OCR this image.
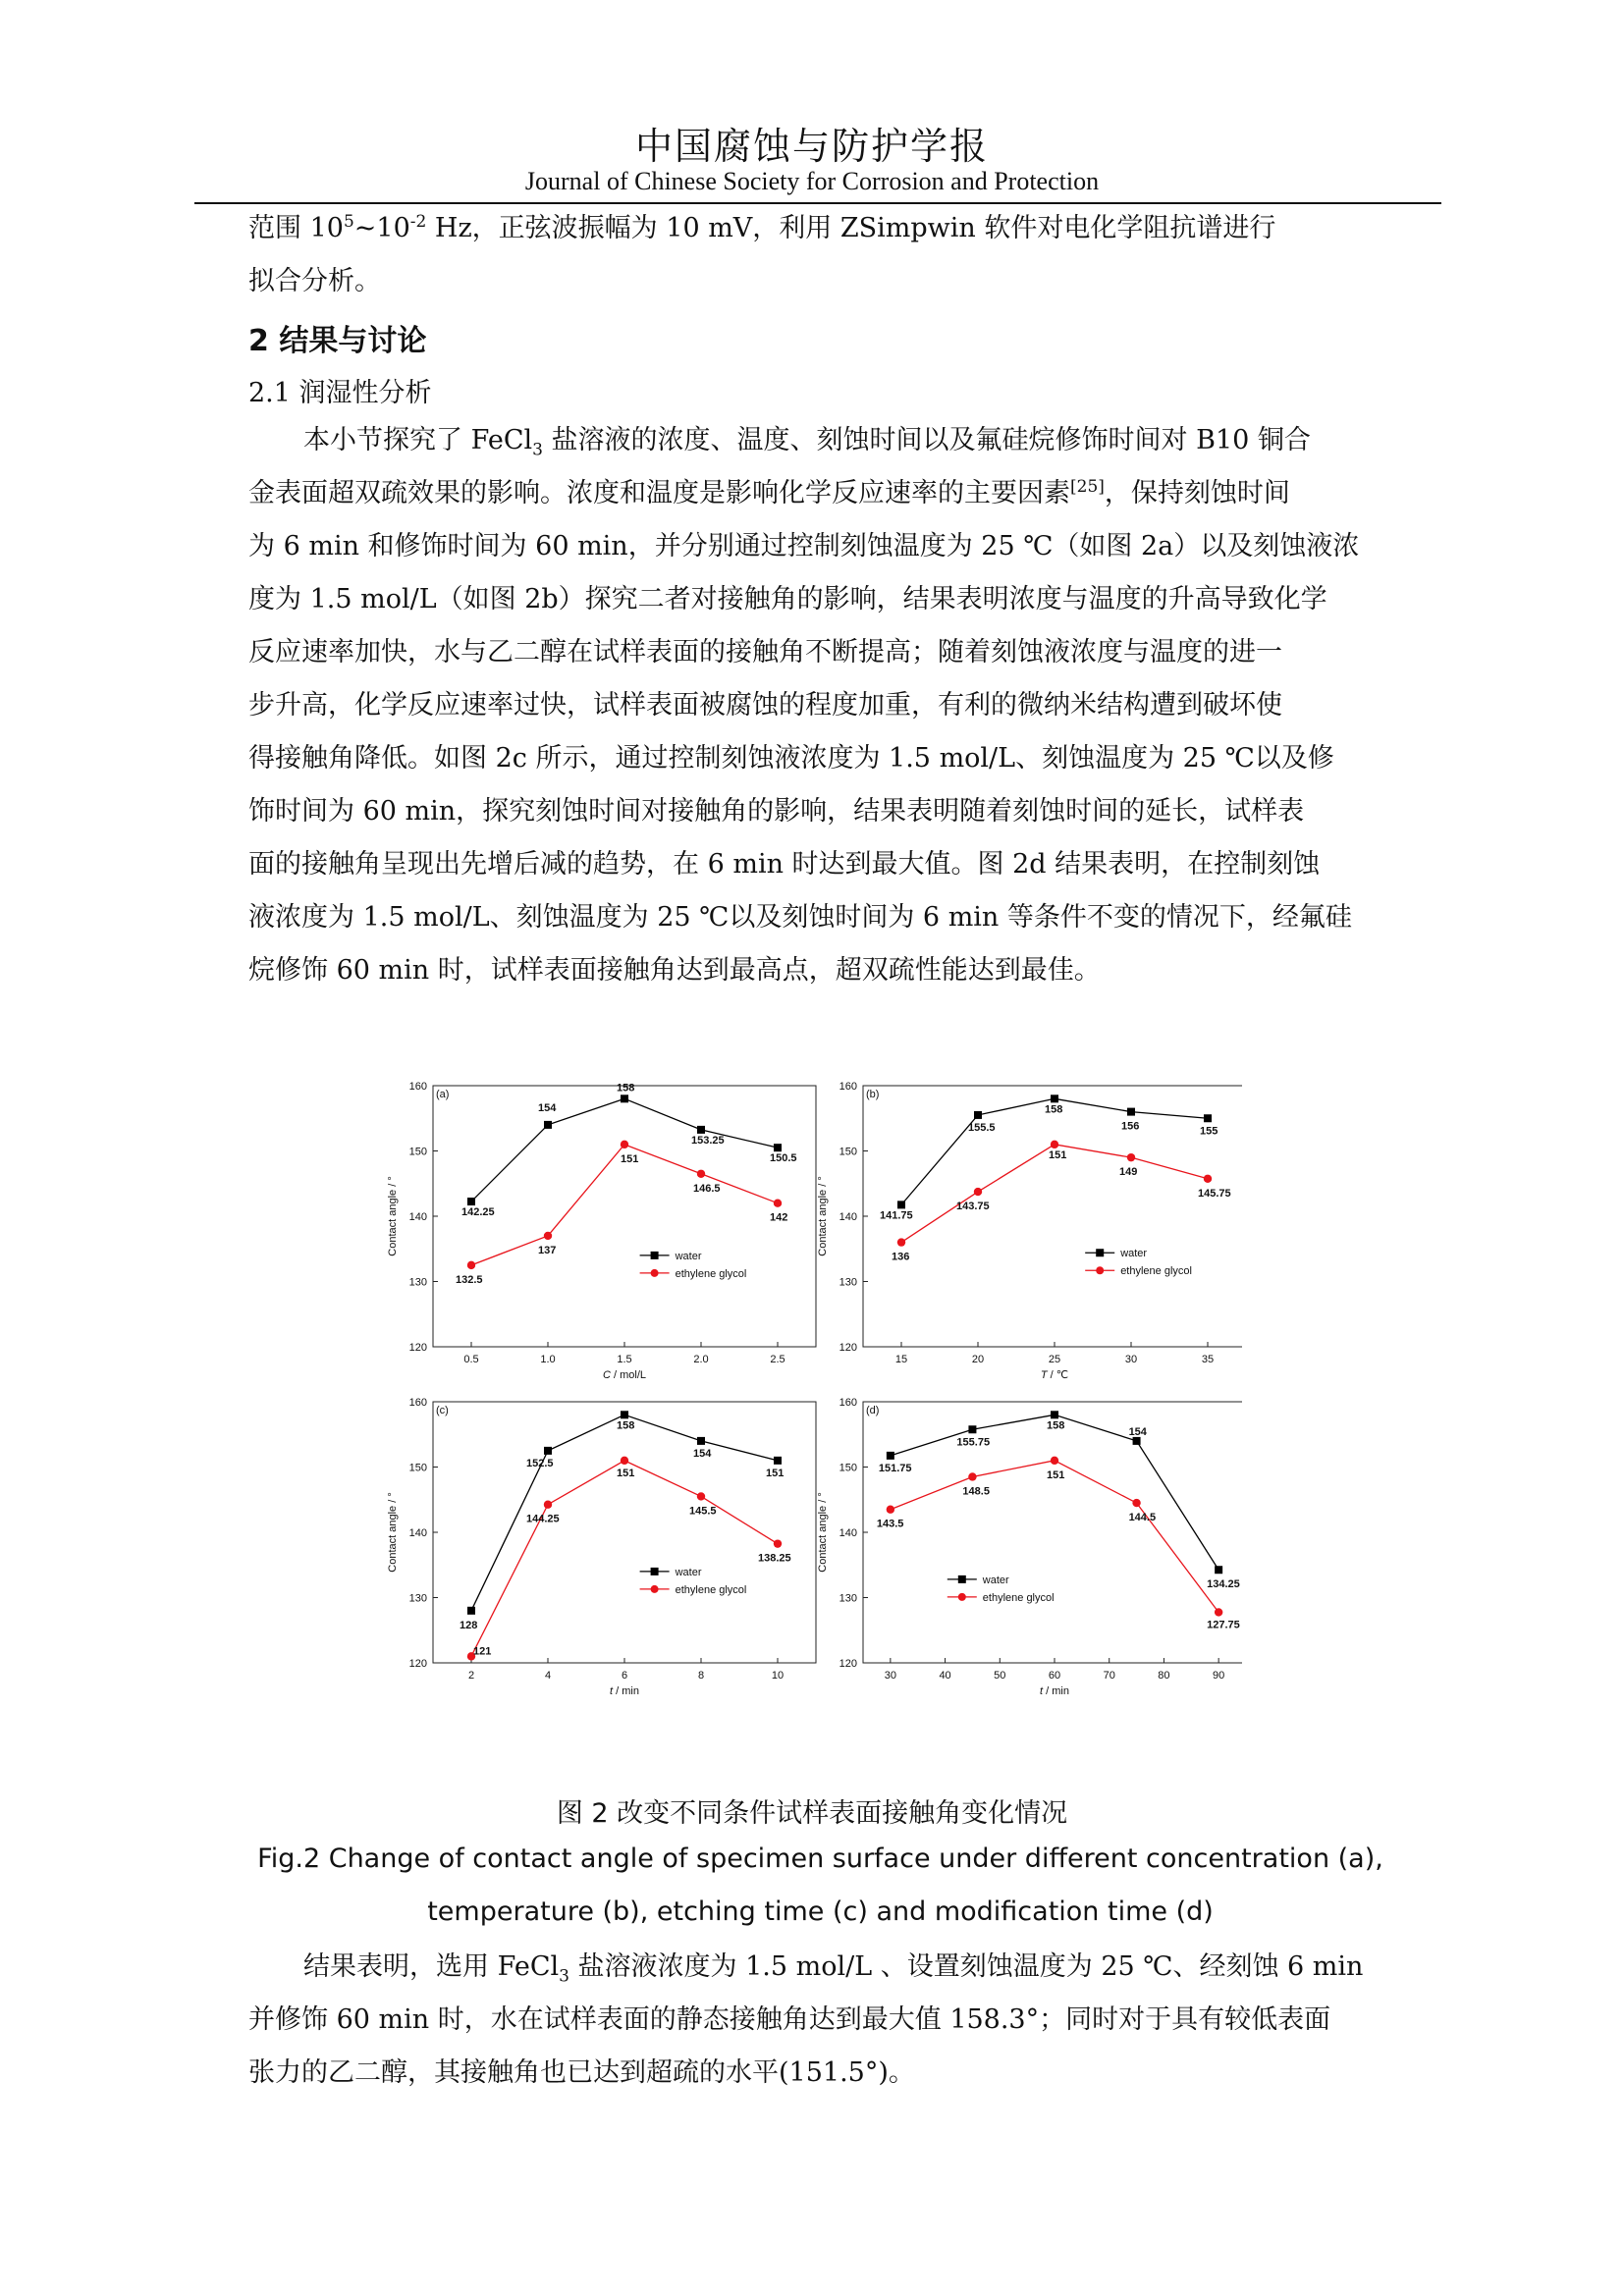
中国腐蚀与防护学报
Journal of Chinese Society for Corrosion and Protection
范围 $10^5\sim 10^{-2}$ Hz，正弦波振幅为 10 mV，利用 ZSimpwin 软件对电化学阻抗谱进行
拟合分析。
2 结果与讨论
2.1 润湿性分析
本小节探究了 FeCl$_3$ 盐溶液的浓度、温度、刻蚀时间以及氟硅烷修饰时间对 B10 铜合
金表面超双疏效果的影响。浓度和温度是影响化学反应速率的主要因素[25]，保持刻蚀时间
为 6 min 和修饰时间为 60 min，并分别通过控制刻蚀温度为 25 ℃（如图 2a）以及刻蚀液浓
度为 1.5 mol/L（如图 2b）探究二者对接触角的影响，结果表明浓度与温度的升高导致化学
反应速率加快，水与乙二醇在试样表面的接触角不断提高；随着刻蚀液浓度与温度的进一
步升高，化学反应速率过快，试样表面被腐蚀的程度加重，有利的微纳米结构遭到破坏使
得接触角降低。如图 2c 所示，通过控制刻蚀液浓度为 1.5 mol/L、刻蚀温度为 25 ℃以及修
饰时间为 60 min，探究刻蚀时间对接触角的影响，结果表明随着刻蚀时间的延长，试样表
面的接触角呈现出先增后减的趋势，在 6 min 时达到最大值。图 2d 结果表明，在控制刻蚀
液浓度为 1.5 mol/L、刻蚀温度为 25 ℃以及刻蚀时间为 6 min 等条件不变的情况下，经氟硅
烷修饰 60 min 时，试样表面接触角达到最高点，超双疏性能达到最佳。
(a)
120
130
140
150
160
0.5	1.0	1.5	2.0	2.5
C / mol/L
Contact angle / °	142.25
154
158
153.25
150.5
132.5
137
151
146.5
142
water
ethylene glycol
(b)
120
130
140
150
160
15	20	25	30	35
T / ℃
Contact angle / °	141.75
155.5
158
156	155
136
143.75
151
149
145.75
water
ethylene glycol
(c)
120
130
140
150
160
2	4	6	8	10
t / min
Contact angle / °
128
152.5
158
154
151
121
144.25
151
145.5
138.25
water
ethylene glycol
(d)
120
130
140
150
160
30	40	50	60	70	80	90
t / min
Contact angle / °
151.75
155.75
158
154
134.25
143.5
148.5
151
144.5
127.75
water
ethylene glycol
图 2 改变不同条件试样表面接触角变化情况
Fig.2 Change of contact angle of specimen surface under different concentration (a),
temperature (b), etching time (c) and modification time (d)
结果表明，选用 FeCl$_3$ 盐溶液浓度为 1.5 mol/L 、设置刻蚀温度为 25 ℃、经刻蚀 6 min
并修饰 60 min 时，水在试样表面的静态接触角达到最大值 158.3°；同时对于具有较低表面
张力的乙二醇，其接触角也已达到超疏的水平(151.5°)。
